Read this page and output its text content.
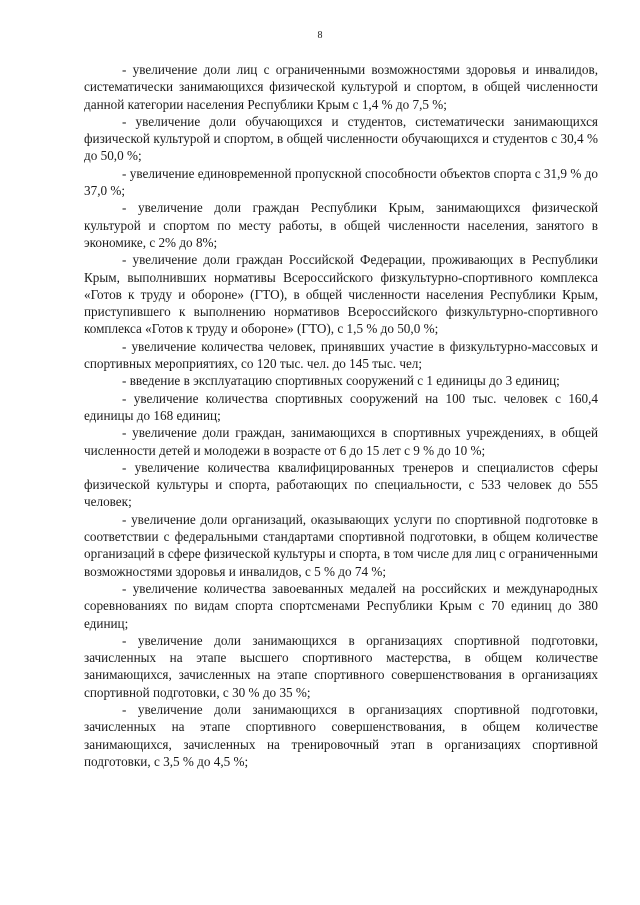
8

- увеличение доли лиц с ограниченными возможностями здоровья и инвалидов, систематически занимающихся физической культурой и спортом, в общей численности данной категории населения Республики Крым с 1,4 % до 7,5 %;

- увеличение доли обучающихся и студентов, систематически занимающихся физической культурой и спортом, в общей численности обучающихся и студентов с 30,4 % до 50,0 %;

- увеличение единовременной пропускной способности объектов спорта с 31,9 % до 37,0 %;

- увеличение доли граждан Республики Крым, занимающихся физической культурой и спортом по месту работы, в общей численности населения, занятого в экономике, с 2% до 8%;

- увеличение доли граждан Российской Федерации, проживающих в Республики Крым, выполнивших нормативы Всероссийского физкультурно-спортивного комплекса «Готов к труду и обороне» (ГТО), в общей численности населения Республики Крым, приступившего к выполнению нормативов Всероссийского физкультурно-спортивного комплекса «Готов к труду и обороне» (ГТО), с 1,5 % до 50,0 %;

- увеличение количества человек, принявших участие в физкультурно-массовых и спортивных мероприятиях, со 120 тыс. чел. до 145 тыс. чел;

- введение в эксплуатацию спортивных сооружений с 1 единицы до 3 единиц;

- увеличение количества спортивных сооружений на 100 тыс. человек с 160,4 единицы до 168 единиц;

- увеличение доли граждан, занимающихся в спортивных учреждениях, в общей численности детей и молодежи в возрасте от 6 до 15 лет с 9 % до 10 %;

- увеличение количества квалифицированных тренеров и специалистов сферы физической культуры и спорта, работающих по специальности, с 533 человек до 555 человек;

- увеличение доли организаций, оказывающих услуги по спортивной подготовке в соответствии с федеральными стандартами спортивной подготовки, в общем количестве организаций в сфере физической культуры и спорта, в том числе для лиц с ограниченными возможностями здоровья и инвалидов, с 5 % до 74 %;

- увеличение количества завоеванных медалей на российских и международных соревнованиях по видам спорта спортсменами Республики Крым с 70 единиц до 380 единиц;

- увеличение доли занимающихся в организациях спортивной подготовки, зачисленных на этапе высшего спортивного мастерства, в общем количестве занимающихся, зачисленных на этапе спортивного совершенствования в организациях спортивной подготовки, с 30 % до 35 %;

- увеличение доли занимающихся в организациях спортивной подготовки, зачисленных на этапе спортивного совершенствования, в общем количестве занимающихся, зачисленных на тренировочный этап в организациях спортивной подготовки, с 3,5 % до 4,5 %;
